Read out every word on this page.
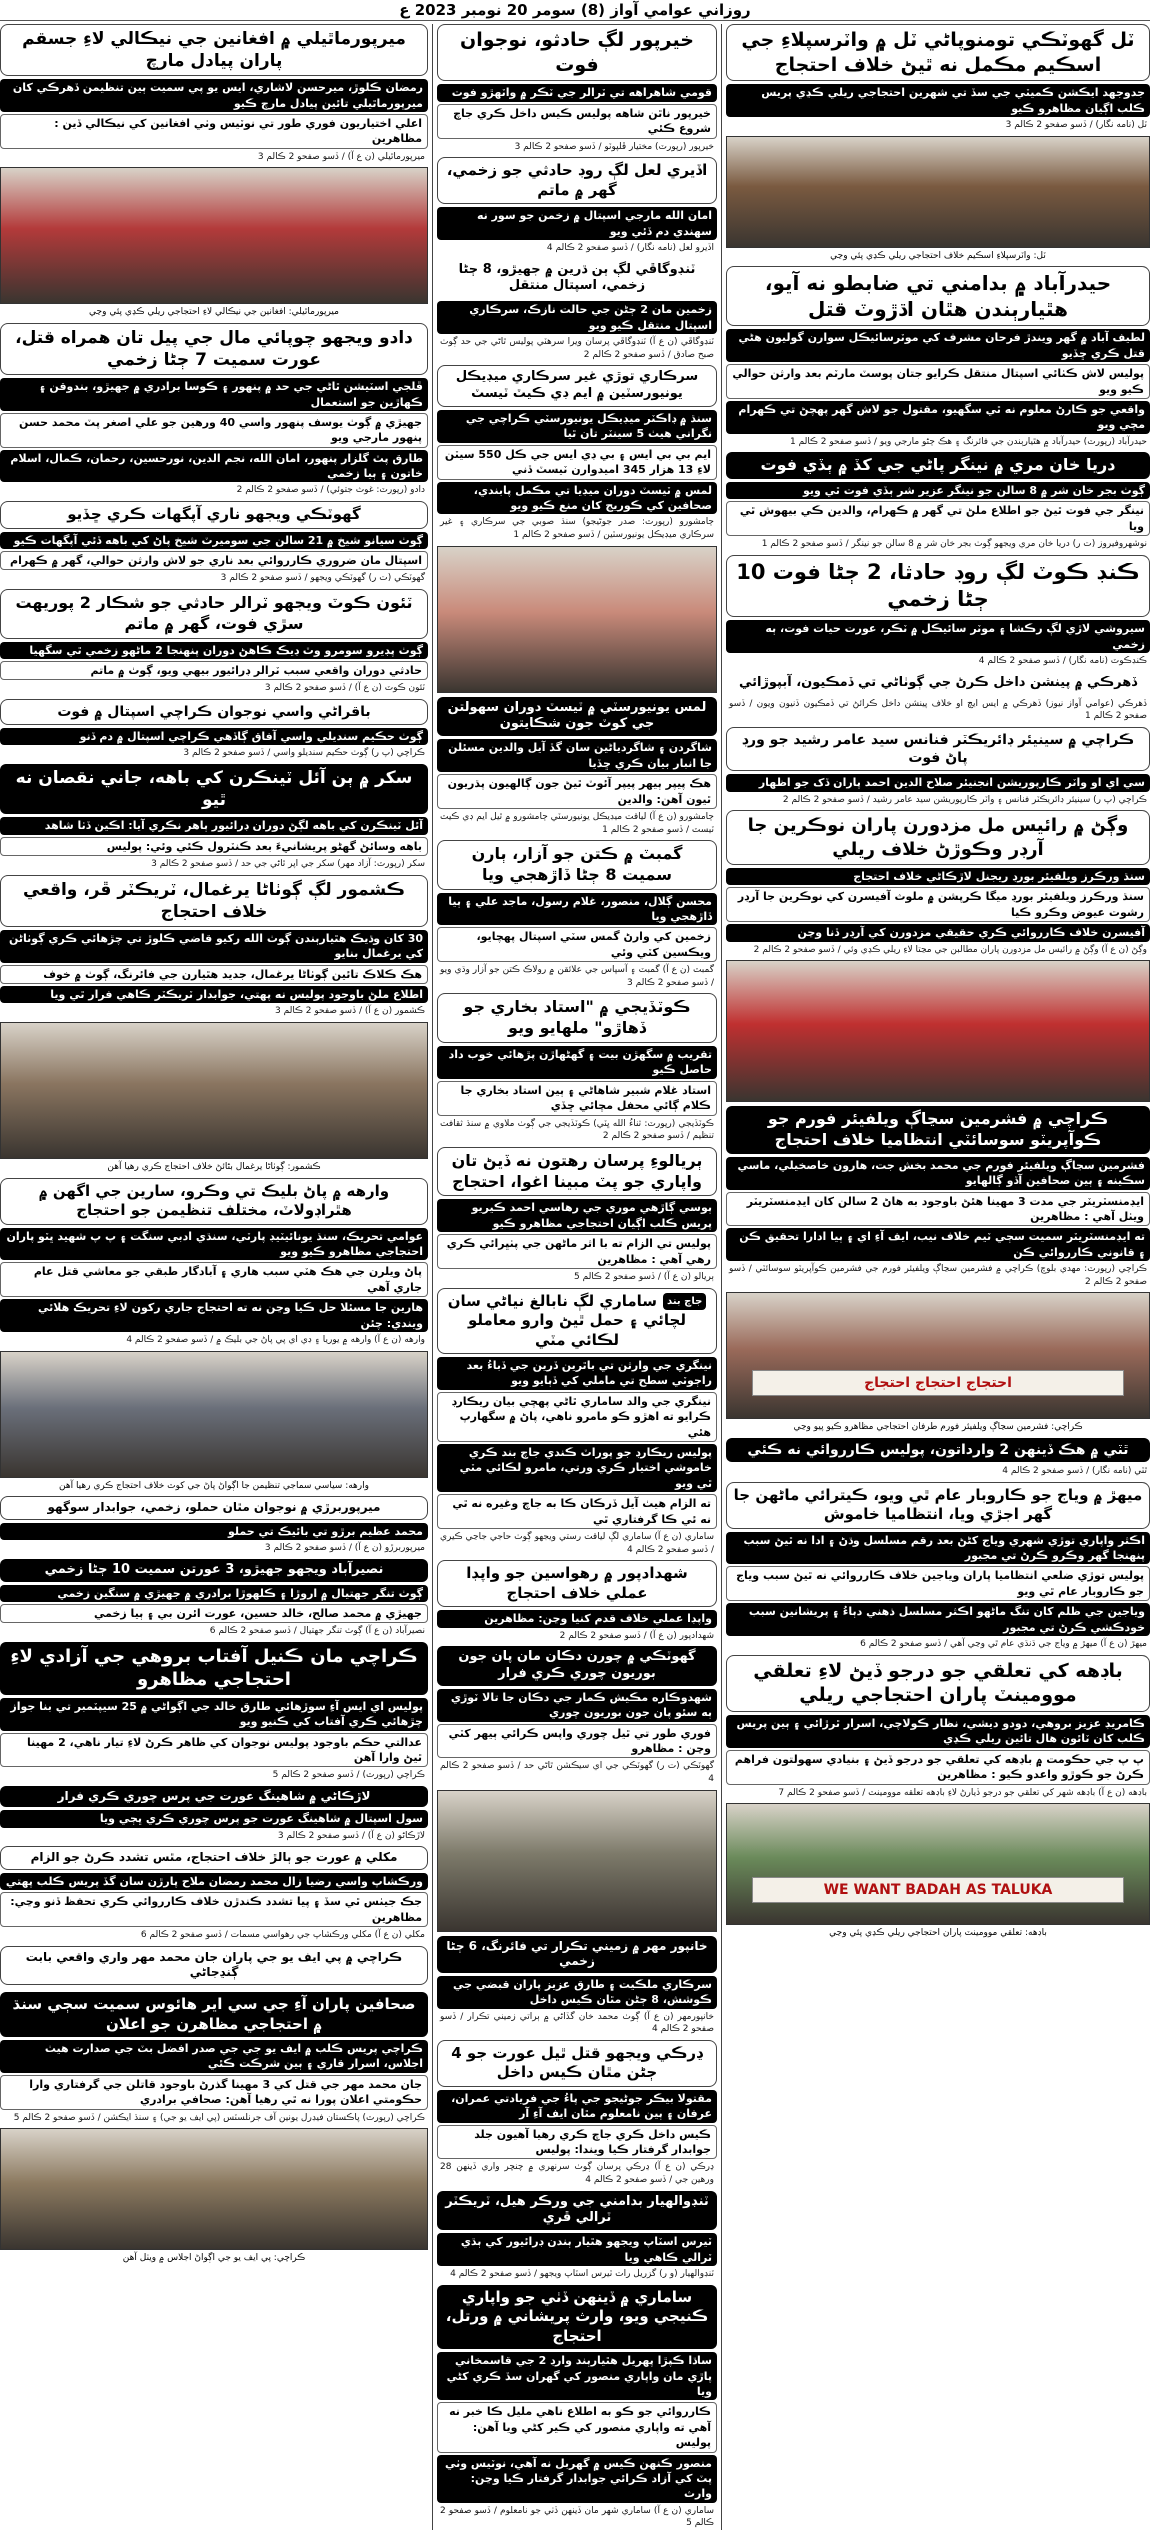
روزاني عوامي آواز (8) سومر 20 نومبر 2023 ع
ٽل گهوٽڪي تومنوپاڻي ٽل ۾ واٽرسپلاءِ جي اسڪيم مڪمل نه ٿيڻ خلاف احتجاج
جدوجهد ايڪشن ڪميٽي جي سڏ تي شهرين احتجاجي ريلي ڪڍي پريس ڪلب اڳيان مظاهرو ڪيو
ٽل (نامه نگار) / ڏسو صفحو 2 ڪالم 3
ٽل: واٽرسپلاءِ اسڪيم خلاف احتجاجي ريلي ڪڍي پئي وڃي
حيدرآباد ۾ بدامني تي ضابطو نه آيو، هٿيارٻندن هٿان اڌڙوٽ قتل
لطيف آباد ۾ گهر ويندڙ فرحان مشرف کي موٽرسائيڪل سوارن گوليون هڻي قتل ڪري ڇڏيو
پوليس لاش ڪٺائي اسپتال منتقل ڪرايو جتان پوسٽ مارٽم بعد وارثن حوالي ڪيو ويو
واقعي جو ڪارڻ معلوم نه ٿي سگهيو، مقتول جو لاش گهر پهچڻ تي ڪهرام مچي ويو
حيدرآباد (رپورٽ) حيدرآباد ۾ هٿيارٻندن جي فائرنگ ۽ هڪ ڄڻو مارجي ويو / ڏسو صفحو 2 ڪالم 1
دريا خان مري ۾ نينگر پاڻي جي کڏ ۾ ٻڏي فوت
ڳوٺ بجر خان شر ۾ 8 سالن جو نينگر عزير شر ٻڏي فوت ٿي ويو
نينگر جي فوت ٿيڻ جو اطلاع ملڻ تي گهر ۾ ڪهرام، والدين ڪي بيهوش ٿي ويا
نوشهروفيروز (ت ر) دريا خان مري ويجهو ڳوٺ بجر خان شر ۾ 8 سالن جو نينگر / ڏسو صفحو 2 ڪالم 1
ڪنڊ ڪوٽ لڳ روڊ حادثا، 2 ڄڻا فوت 10 ڄڻا زخمي
سيروشي لاڙي لڳ رڪشا ۽ موٽر سائيڪل ۾ ٽڪر، عورت حيات فوت، ٻه زخمي
ڪنڊڪوٽ (نامه نگار) / ڏسو صفحو 2 ڪالم 4
ڏهرڪي ۾ پينشن داخل ڪرڻ جي ڳوٺاڻي تي ڏمڪيون، آبپوڙائي
ڏهرڪي (عوامي آواز نيوز) ڏهرڪي ۾ ايس ايچ او خلاف پينشن داخل ڪرائڻ تي ڏمڪيون ڏنيون ويون / ڏسو صفحو 2 ڪالم 1
ڪراچي ۾ سينيئر ڊائريڪٽر فنانس سيد عامر رشيد جو ورڊ پاڻ فوت
سي اي او واٽر ڪارپوريشن انجنيئر صلاح الدين احمد پاران ڏک جو اظهار
ڪراچي (پ ر) سينيئر ڊائريڪٽر فنانس ۽ واٽر ڪارپوريشن سيد عامر رشيد / ڏسو صفحو 2 ڪالم 2
وڳڻ ۾ رائيس مل مزدورن پاران نوڪرين جا آرڊر وڪوڙڻ خلاف ريلي
سنڌ ورڪرز ويلفيئر بورڊ ريجنل لاڙڪاڻي خلاف احتجاج
سنڌ ورڪرز ويلفيئر بورڊ ميگا ڪرپشن ۾ ملوث آفيسرن کي نوڪرين جا آرڊر رشوت عيوض وڪرو ڪيا
آفيسرن خلاف ڪارروائي ڪري حقيقي مزدورن کي آرڊر ڏنا وڃن
وڳڻ (ن ع آ) وڳڻ ۾ رائيس مل مزدورن پاران مطالبن جي مڃتا لاءِ ريلي ڪڍي وئي / ڏسو صفحو 2 ڪالم 2
ڪراچي ۾ فشرمين سڃاڳ ويلفيئر فورم جو ڪوآپريٽو سوسائٽي انتظاميا خلاف احتجاج
فشرمين سڃاڳ ويلفيئر فورم جي محمد بخش جت، هارون خاصخيلي، ماسي سڪينه ۽ ٻين صحافين آڏو ڳالهايو
ايڊمنسٽريٽر جي مدت 3 مهينا هئڻ باوجود به هاڻ 2 سالن کان ايڊمنسٽريٽر ويٺل آهي : مظاهرين
ته ايڊمنسٽريٽر سميت سڄي ٽيم خلاف نيب، ايف آءِ اي ۽ ٻيا ادارا تحقيق ڪن ۽ قانوني ڪارروائي ڪن
ڪراچي (رپورٽ: مهدي بلوچ) ڪراچي ۾ فشرمين سڃاڳ ويلفيئر فورم جي فشرمين ڪوآپريٽو سوسائٽي / ڏسو صفحو 2 ڪالم 2
احتجاج احتجاج احتجاج
ڪراچي: فشرمين سڃاڳ ويلفيئر فورم طرفان احتجاجي مظاهرو ڪيو پيو وڃي
ٿٽي ۾ هڪ ڏينهن 2 وارداتون، پوليس ڪارروائي نه ڪئي
ٿٽي (نامه نگار) / ڏسو صفحو 2 ڪالم 4
ميهڙ ۾ وياج جو ڪاروبار عام ٿي ويو، ڪيترائي ماڻهن جا گهر اجڙي ويا، انتظاميا خاموش
اڪثر واپاري توڙي شهري وياج کڻڻ بعد رقم مسلسل وڌڻ ۽ ادا نه ٿيڻ سبب پنهنجا گهر وڪرو ڪرڻ تي مجبور
پوليس توڙي ضلعي انتظاميا پاران وياجين خلاف ڪارروائي نه ٿيڻ سبب وياج جو ڪاروبار عام ٿي ويو
وياجين جي ظلم کان تنگ ماڻهو اڪثر مسلسل ذهني دٻاءُ ۽ پريشانين سبب خودڪشي ڪرڻ تي مجبور
ميهڙ (ن ع آ) ميهڙ ۾ وياج جي ڌنڌي عام ٿي وڃي آهي / ڏسو صفحو 2 ڪالم 6
باڊهه کي تعلقي جو درجو ڏيڻ لاءِ تعلقي موومينٽ پاران احتجاجي ريلي
ڪامريڊ عزيز بروهي، دودو ديشي، نظار ڪولاچي، اسرار ٿرڙائي ۽ ٻين پريس ڪلب کان ٽائون هال تائين ريلي ڪڍي
پ پ جي حڪومت ۾ باڊهه کي تعلقي جو درجو ڏيڻ ۽ بنيادي سهولتون فراهم ڪرڻ جو ڪوڙو واعدو ڪيو : مظاهرين
باڊهه (ن ع آ) باڊهه شهر کي تعلقي جو درجو ڏيارڻ لاءِ باڊهه تعلقه موومينٽ / ڏسو صفحو 2 ڪالم 7
WE WANT BADAH AS TALUKA
باڊهه: تعلقي موومينٽ پاران احتجاجي ريلي ڪڍي پئي وڃي
خيرپور لڳ حادثو، نوجوان فوت
قومي شاهراهه تي ٽرالر جي ٽڪر ۾ واٽهڙو فوت
خيرپور ناٿن شاهه پوليس ڪيس داخل ڪري جاچ شروع ڪئي
خيرپور (رپورٽ) مختيار ڦلپوٽو / ڏسو صفحو 2 ڪالم 3
اڏيري لعل لڳ روڊ حادثي جو زخمي، گهر ۾ ماتم
امان الله مارجي اسپتال ۾ زخمن جو سور نه سهندي دم ڏئي ويو
اڏيرو لعل (نامه نگار) / ڏسو صفحو 2 ڪالم 4
ٽنڊوگاڦي لڳ ٻن ڌرين ۾ جهيڙو، 8 ڄڻا زخمي، اسپتال منتقل
زخمين مان 2 ڄڻن جي حالت نازڪ، سرڪاري اسپتال منتقل ڪيو ويو
ٽنڊوگاڦي (ن ع آ) ٽنڊوگاڦي پرسان ويرا سرهٽي پوليس ٿاڻي جي حد ڳوٺ صبح صادق / ڏسو صفحو 2 ڪالم 2
سرڪاري توڙي غير سرڪاري ميڊيڪل يونيورسٽين ۾ ايم ڊي ڪيٽ ٽيسٽ
سنڌ ۾ ڊاڪٽر ميڊيڪل يونيورسٽي ڪراچي جي نگراني هيٺ 5 سينٽر تان ٿيا
ايم بي بي ايس ۽ بي ڊي ايس جي ڪل 550 سيٽن لاءِ 13 هزار 345 اميدوارن ٽيسٽ ڏني
لمس ۾ ٽيسٽ دوران ميڊيا تي مڪمل پابندي، صحافين کي ڪوريج کان منع ڪيو ويو
ڄامشورو (رپورٽ: صدر جوڻيجو) سنڌ صوبي جي سرڪاري ۽ غير سرڪاري ميڊيڪل يونيورسٽين / ڏسو صفحو 2 ڪالم 1
لمس يونيورسٽي ۾ ٽيسٽ دوران سهولتن جي کوٽ جون شڪايتون
شاگردن ۽ شاگردياڻين سان گڏ آيل والدين مسئلن جا انبار بيان ڪري ڇڏيا
هڪ پيپر ٻيهر پيپر آئوٽ ٿيڻ جون ڳالهيون پڌريون ٿيون آهن: والدين
ڄامشورو (ن ع آ) لياقت ميڊيڪل يونيورسٽي ڄامشورو ۾ ٿيل ايم ڊي ڪيٽ ٽيسٽ / ڏسو صفحو 2 ڪالم 1
گمبٽ ۾ ڪتن جو آزار، ٻارن سميت 8 ڄڻا ڏاڙهجي ويا
محسن ڳلال، منصور، غلام رسول، ماجد علي ۽ ٻيا ڏاڙهجي ويا
زخمين کي وارڻ گمس سٽي اسپتال پهچايو، ويڪسين کٽي وئي
گمبٽ (ن ع آ) گمبٽ ۽ آسپاس جي علائقن ۾ رولاڪ ڪتن جو آزار وڌي ويو / ڏسو صفحو 2 ڪالم 3
ڪوٽڏيجي ۾ "استاد بخاري جو ڏهاڙو" ملهايو ويو
تقريب ۾ سگهڙن بيت ۽ گهڻهاڙن پڙهائي خوب داد حاصل ڪيو
استاد غلام شبير شاهاڻي ۽ ٻين استاد بخاري جا ڪلام ڳائي محفل مچائي ڇڏي
ڪوٽڏيجي (رپورٽ: ثناءُ الله ڀٽي) ڪوٽڏيجي جي ڳوٺ ملاوي ۾ سنڌ ثقافت تنظيم / ڏسو صفحو 2 ڪالم 2
ٻريالوءِ پرسان رهتون نه ڏيڻ تان واپاري جو پٽ مبينا اغوا، احتجاج
ٻوسي ڳاڙهي موري جي رهاسي احمد ڪيريو پريس ڪلب اڳيان احتجاجي مظاهرو ڪيو
پوليس تي الزام ته با اثر ماڻهن جي پٺڀرائي ڪري رهي آهي : مظاهرين
ٻريالو (ن ع آ) / ڏسو صفحو 2 ڪالم 5
جاچ بندساماري لڳ نابالغ نياڻي سان لچائي ۽ حمل ٿيڻ وارو معاملو لڪائي مٽي
نينگري جي وارثن تي باٿرين ڏرين جي ڏباءُ بعد راڄوٽي سطح تي ماملي کي ڏٻايو ويو
نينگري جي والد ساماري ٿاڻي پهچي بيان ريڪارڊ ڪرايو ته اهڙو ڪو مامرو ناهي، پاڻ ۾ سگهارپ هئي
پوليس ريڪارڊ جو پوراٽ ڪندي جاچ بند ڪري خاموشي اختيار ڪري ورتي، مامرو لڪائي مٽي ٿي ويو
ته الزام هيٺ آيل ڏرڪان ڪا به جاچ وغيره نه ٿي نه ئي ڪا گرفتاري ٿي
ساماري (ن ع آ) ساماري لڳ لياقت رستي ويجهو ڳوٺ حاجي جاڃي ڪيري / ڏسو صفحو 2 ڪالم 4
شهدادپور ۾ رهواسين جو واپڊا عملي خلاف احتجاج
واپڊا عملي خلاف قدم کنيا وڃن: مظاهرين
شهدادپور (ن ع آ) / ڏسو صفحو 2 ڪالم 2
گهوٽڪي ۾ چورن دڪان مان پان جون بوريون چوري ڪري فرار
شهدوڪاره مڪيش ڪمار جي دڪان جا تالا ٽوڙي ٻه سئو پان جون بوريون چوري
فوري طور تي ٿيل چوري واپس ڪرائي ٻيهر کٽي وڃن : مظاهرو
گهوٽڪي (ت ر) گهوٽڪي جي اي سيڪشن ٿاڻي حد / ڏسو صفحو 2 ڪالم 4
خانپور مهر ۾ زميني تڪرار تي فائرنگ، 6 ڄڻا زخمي
سرڪاري ملڪيت ۽ طارق عزيز پاران قبضي جي ڪوشش، 8 ڄڻن مٿان ڪيس داخل
خانپورمهر (ن ع آ) ڳوٺ محمد خان گڏاڻي ۾ ٻراتي زميني تڪرار / ڏسو صفحو 2 ڪالم 4
ڍرڪي ويجهو قتل ٿيل عورت جو 4 ڄڻن مٿان ڪيس داخل
مقتولا بيڪر جوڻيجو جي پاءُ جي فريادتي عمران، عرفان ۽ ٻين نامعلوم مٿان ايف آءِ آر
ڪيس داخل ڪري جاچ ڪري رهيا آهيون جلد جوابدار گرفتار ڪيا ويندا: پوليس
ڍرڪي (ن ع آ) ڍرڪي پرسان ڳوٺ سرنهري ۾ چنچر واري ڏينهن 28 ورهين جي / ڏسو صفحو 2 ڪالم 4
ٽنڊوالهيار بدامني جي ورڪر هيل، ٽريڪٽر ٽرالي ڦري
ٽيرس اسٽاپ ويجهو هٿيار ٻندن ڊرائيور کي ٻڌي ٽرالي ڪاهي ويا
ٽنڊوالهيار (و ر) گزريل رات ٽيرس اسٽاپ ويجهو / ڏسو صفحو 2 ڪالم 4
ساماري ۾ ڏينهن ڏٺي جو واپاري ڪنيجي ويو، وارث پريشاني ۾ ورتل، احتجاج
ساڌا ڪپڙا پهريل هٿيارٻند وارڊ 2 جي قاسمخاني پاڙي مان واپاري منصور کي گهران سڏ ڪري کڻي ويا
ڪارروائي جو ڪو به اطلاع ناهي مليل ڪا خبر نه آهي ته واپاري منصور کي ڪير کڻي ويا آهن: پوليس
منصور ڪنهن ڪيس ۾ گهربل نه آهي، نوٽيس وٺي پٽ کي آزاد ڪرائي جوابدار گرفتار ڪيا وڃن: وارث
ساماري (ن ع آ) ساماري شهر مان ڏينهن ڏٺي جو نامعلوم / ڏسو صفحو 2 ڪالم 5
ميرپورماٿيلي ۾ افغانين جي نيڪالي لاءِ جسقم پاران پيادل مارچ
رمضان ڪلوڙ، ميرحسن لاشاري، ايس يو پي سميت ٻين تنظيمن ڏهرڪي کان ميرپورماٿيلي تائين پيادل مارچ ڪيو
اعلي اختياريون فوري طور تي نوٽيس وٺي افغانين کي نيڪالي ڏين : مظاهرين
ميرپورماٿيلي (ن ع آ) / ڏسو صفحو 2 ڪالم 3
ميرپورماٿيلي: افغانين جي نيڪالي لاءِ احتجاجي ريلي ڪڍي پئي وڃي
دادو ويجهو چوپائي مال جي پيل تان همراه قتل، عورت سميت 7 ڄڻا زخمي
ڦلجي اسٽيشن ٿاڻي جي حد ۾ پنهور ۽ ڪوسا برادري ۾ جهيڙو، بندوقن ۽ ڪهاڙين جو استعمال
جهيڙي ۾ ڳوٺ يوسف پنهور واسي 40 ورهين جو علي اصغر پٽ محمد حسن پنهور مارجي ويو
طارق پٽ گلزار پنهور، امان الله، نجم الدين، نورحسين، رحمان، ڪمال، اسلام خاتون ۽ ٻيا زخمي
دادو (رپورٽ: غوث جتوئي) / ڏسو صفحو 2 ڪالم 2
گهوٽڪي ويجهو ناري آپگهات ڪري ڇڏيو
ڳوٺ سيانو شيخ ۾ 21 سالن جي سوميرٽ شيخ پاڻ کي باهه ڏئي آپگهات ڪيو
اسپتال مان ضروري ڪارروائي بعد ناري جو لاش وارثن حوالي، گهر ۾ ڪهرام
گهوٽڪي (ت ر) گهوٽڪي ويجهو / ڏسو صفحو 2 ڪالم 3
ٽئون ڪوٽ ويجهو ٽرالر حادثي جو شڪار 2 پوريهت سڙي فوت، گهر ۾ ماتم
ڳوٺ پڊيرو سومرو وٽ ڊيڪ ڪاهڻ دوران پنهنجا 2 ماڻهو زخمي ٿي سگهيا
حادثي دوران واقعي سبب ٽرالر ڊرائيور بيهي ويو، ڳوٺ ۾ ماتم
ٽئون ڪوٽ (ن ع آ) / ڏسو صفحو 2 ڪالم 3
باقراڻي واسي نوجوان ڪراچي اسپتال ۾ فوت
ڳوٺ حڪيم سنديلي واسي آفاق ڳاڏهي ڪراچي اسپتال ۾ دم ڏنو
ڪراچي (پ ر) ڳوٺ حڪيم سنديلو واسي / ڏسو صفحو 2 ڪالم 3
سکر ۾ ٻن آئل ٽينڪرن کي باهه، جاني نقصان نه ٿيو
آئل ٽينڪرن کي باهه لڳڻ دوران ڊرائيور ٻاهر نڪري آيا: اڪين ڏٺا شاهد
باهه وسائڻ گهڻو پريشانيءَ بعد ڪنٽرول ڪئي وئي: پوليس
سکر (رپورٽ: آزاد مهر) سکر جي اپر ٿاڻي جي حد / ڏسو صفحو 2 ڪالم 3
ڪشمور لڳ ڳوٺاڻا يرغمال، ٽريڪٽر ڦر، واقعي خلاف احتجاج
30 کان وڌيڪ هٿيارٻندن ڳوٺ الله رکيو قاضي ڪلوڙ تي چڙهائي ڪري ڳوٺاڻن کي يرغمال بنايو
هڪ ڪلاڪ تائين ڳوٺاڻا يرغمال، جديد هٿيارن جي فائرنگ، ڳوٺ ۾ خوف
اطلاع ملڻ باوجود پوليس نه پهتي، جوابدار ٽريڪٽر ڪاهي فرار ٿي ويا
ڪشمور (ن ع آ) / ڏسو صفحو 2 ڪالم 3
ڪشمور: ڳوٺاڻا يرغمال بڻائڻ خلاف احتجاج ڪري رهيا آهن
وارهه ۾ پاڻ بليڪ تي وڪرو، سارين جي اگهن ۾ هٿراڊولاٽ، مختلف تنظيمن جو احتجاج
عوامي تحريڪ، سنڌ يونائيٽيڊ پارٽي، سنڌي ادبي سنگت ۽ پ پ شهيد ڀٽو پاران احتجاجي مظاهرو ڪيو ويو
پاڻ ويلرن جي هڪ هٽي سبب هاري ۽ آبادگار طبقي جو معاشي قتل عام جاري آهي
هارين جا مسئلا حل ڪيا وڃن نه ته احتجاج جاري رکون لاءِ تحريڪ هلائي ويندي: چئن
وارهه (ن ع آ) وارهه ۾ يوريا ۽ ڊي اي پي پاڻ جي بليڪ ۾ / ڏسو صفحو 2 ڪالم 4
وارهه: سياسي سماجي تنظيمن جا اڳواڻ پاڻ جي کوٽ خلاف احتجاج ڪري رهيا آهن
ميرپوربرڙي ۾ نوجوان مٿان حملو، زخمي، جوابدار سوگهو
محمد عظيم برڙو تي بائيڪ تي حملو
ميرپوربرڙو (ن ع آ) / ڏسو صفحو 2 ڪالم 3
نصيرآباد ويجهو جهيڙو، 3 عورتن سميت 10 ڄڻا زخمي
ڳوٺ تنگر جهتيال ۾ اروڙا ۽ ڪلهوڙا برادري ۾ جهيڙي ۾ سنگين زخمي
جهيڙي ۾ محمد صالح، خالد حسين، عورت ائرن بي ۽ ٻيا زخمي
نصيرآباد (ن ع آ) ڳوٺ تنگر جهتيال / ڏسو صفحو 2 ڪالم 6
ڪراچي مان ڪنيل آفتاب بروهي جي آزادي لاءِ احتجاجي مظاهرو
پوليس اي ايس آءِ سوڙهائي طارق خالد جي اڳواڻي ۾ 25 سيپٽمبر تي بنا جواز چڙهائي ڪري آفتاب کي ڪنيو ويو
عدالتي حڪم باوجود پوليس نوجوان کي ظاهر ڪرڻ لاءِ تيار ناهي، 2 مهينا ٿيڻ وارا آهن
ڪراچي (رپورٽ) / ڏسو صفحو 2 ڪالم 5
لاڙڪاڻي ۾ شاهينگ عورت جي پرس چوري ڪري فرار
سول اسپتال ۾ شاهينگ عورت جو پرس چوري ڪري ڀڄي ويا
لاڙڪاڻو (ن ع آ) / ڏسو صفحو 2 ڪالم 3
مکلي ۾ عورت جو ٻالڙ خلاف احتجاج، مٿس تشدد ڪرڻ جو الزام
ورڪشاپ واسي رضيا زال محمد رمضان ملاح پارڙن سان گڏ پريس ڪلب پهتي
جڪ جيٺس ٿي سڏ ۽ پيا تشدد ڪندڙن خلاف ڪارروائي ڪري تحفظ ڏنو وڃي: مظاهرين
مکلي (ن ع آ) مکلي ورڪشاپ جي رهواسي مسمات / ڏسو صفحو 2 ڪالم 6
ڪراچي ۾ پي ايف يو جي پاران جان محمد مهر واري واقعي بابت ڳنڍجاڻي
صحافين پاران آءِ جي سي اير هائوس سميت سڄي سنڌ ۾ احتجاجي مظاهرن جو اعلان
ڪراچي پريس ڪلب ۾ ايف يو جي جي صدر افضل بٽ جي صدارت هيٺ اجلاس، اسرار قاري ۽ ٻين شرڪت ڪئي
جان محمد مهر جي قتل کي 3 مهينا گذرڻ باوجود قاتلن جي گرفتاري وارا حڪومتي اعلان پورا نه ٿي رهيا آهن: صحافي برادري
ڪراچي (رپورٽ) پاڪستان فيڊرل يونين آف جرنلسٽس (پي ايف يو جي) ۽ سنڌ ايڪشن / ڏسو صفحو 2 ڪالم 5
ڪراچي: پي ايف يو جي اڳواڻ اجلاس ۾ ويٺل آهن
